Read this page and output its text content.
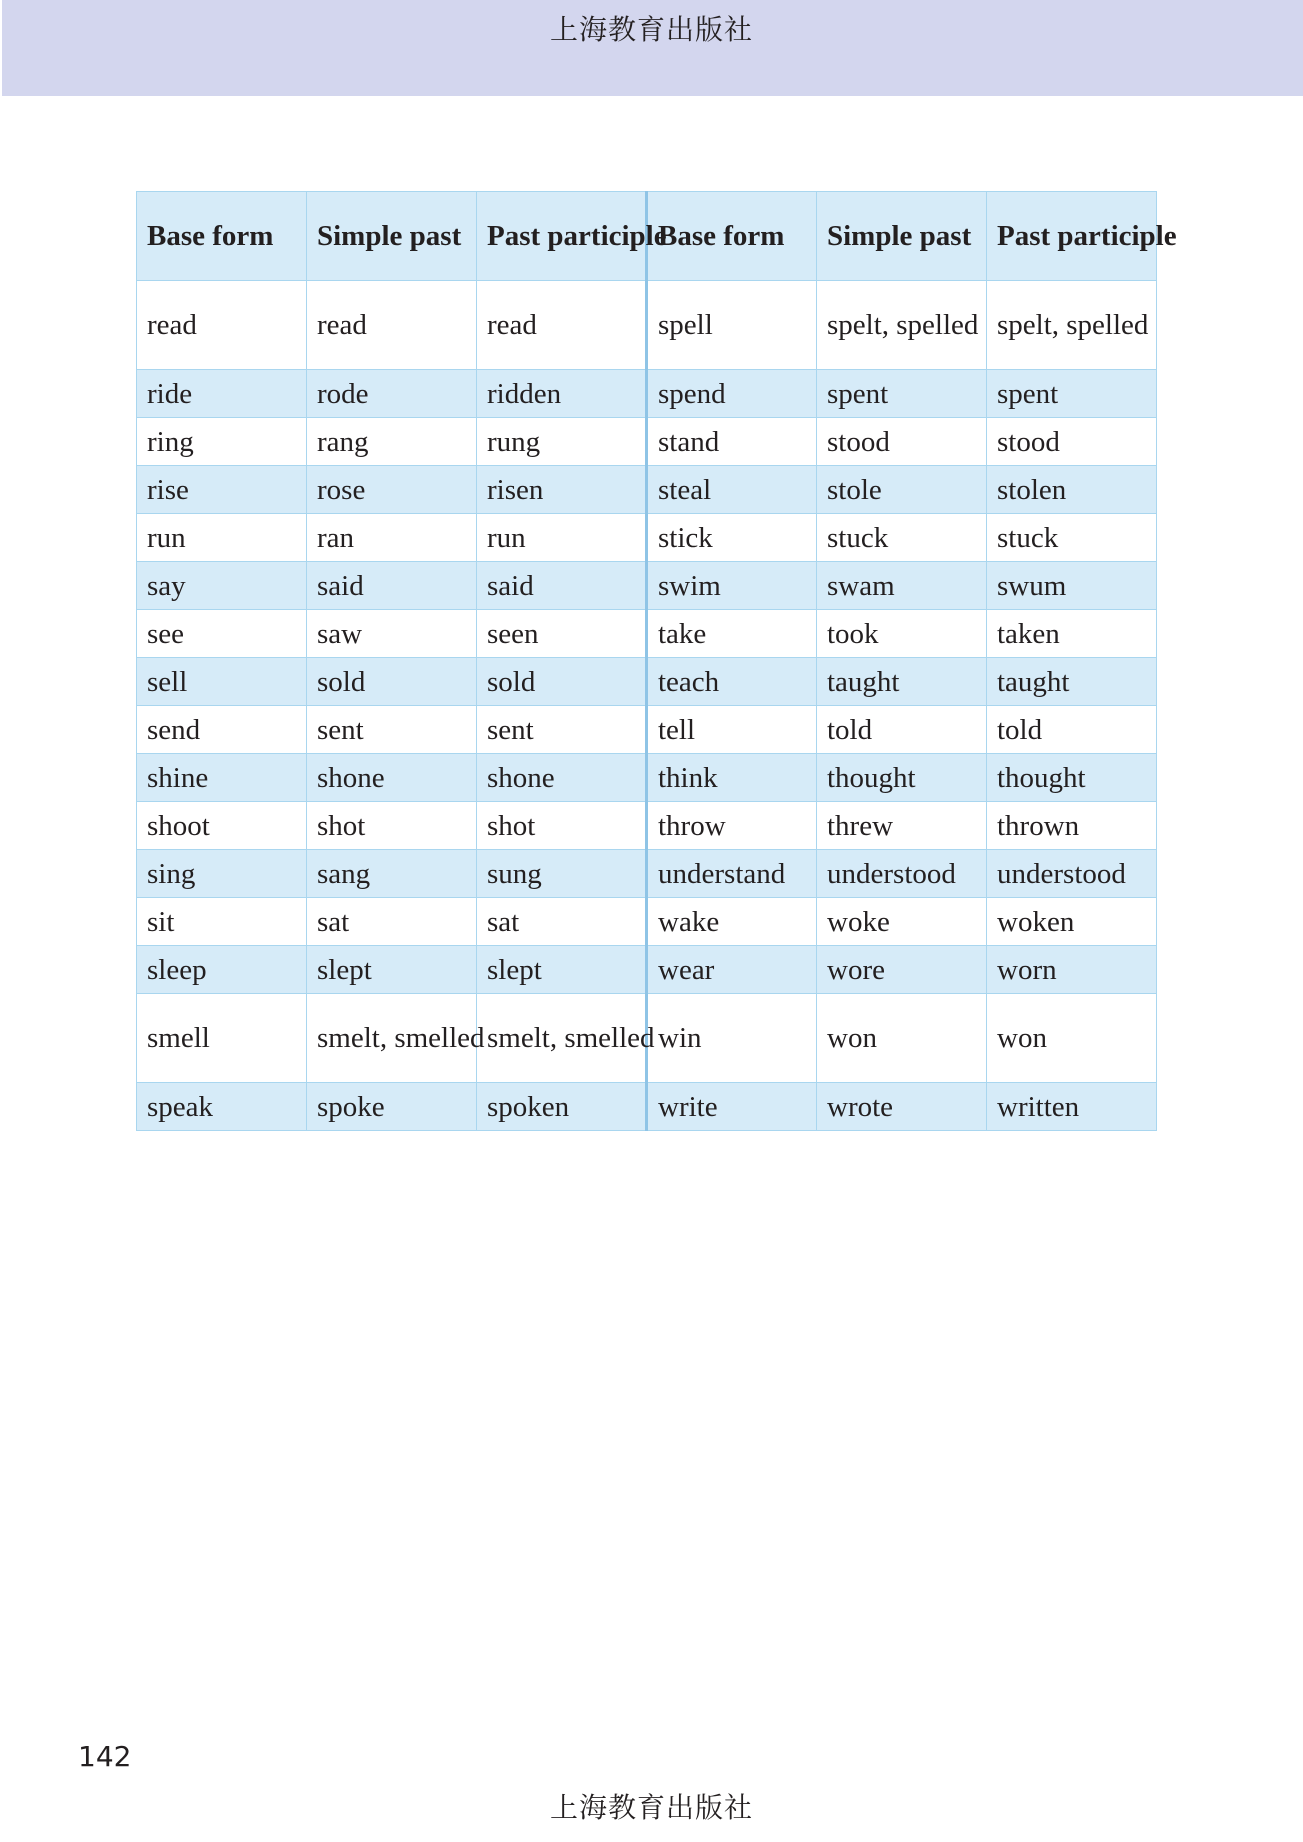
上海教育出版社
Base form	Simple past	Past participle	Base form	Simple past	Past participle
read	read	read	spell	spelt, spelled	spelt, spelled
ride	rode	ridden	spend	spent	spent
ring	rang	rung	stand	stood	stood
rise	rose	risen	steal	stole	stolen
run	ran	run	stick	stuck	stuck
say	said	said	swim	swam	swum
see	saw	seen	take	took	taken
sell	sold	sold	teach	taught	taught
send	sent	sent	tell	told	told
shine	shone	shone	think	thought	thought
shoot	shot	shot	throw	threw	thrown
sing	sang	sung	understand	understood	understood
sit	sat	sat	wake	woke	woken
sleep	slept	slept	wear	wore	worn
smell	smelt, smelled	smelt, smelled	win	won	won
speak	spoke	spoken	write	wrote	written
142
上海教育出版社
